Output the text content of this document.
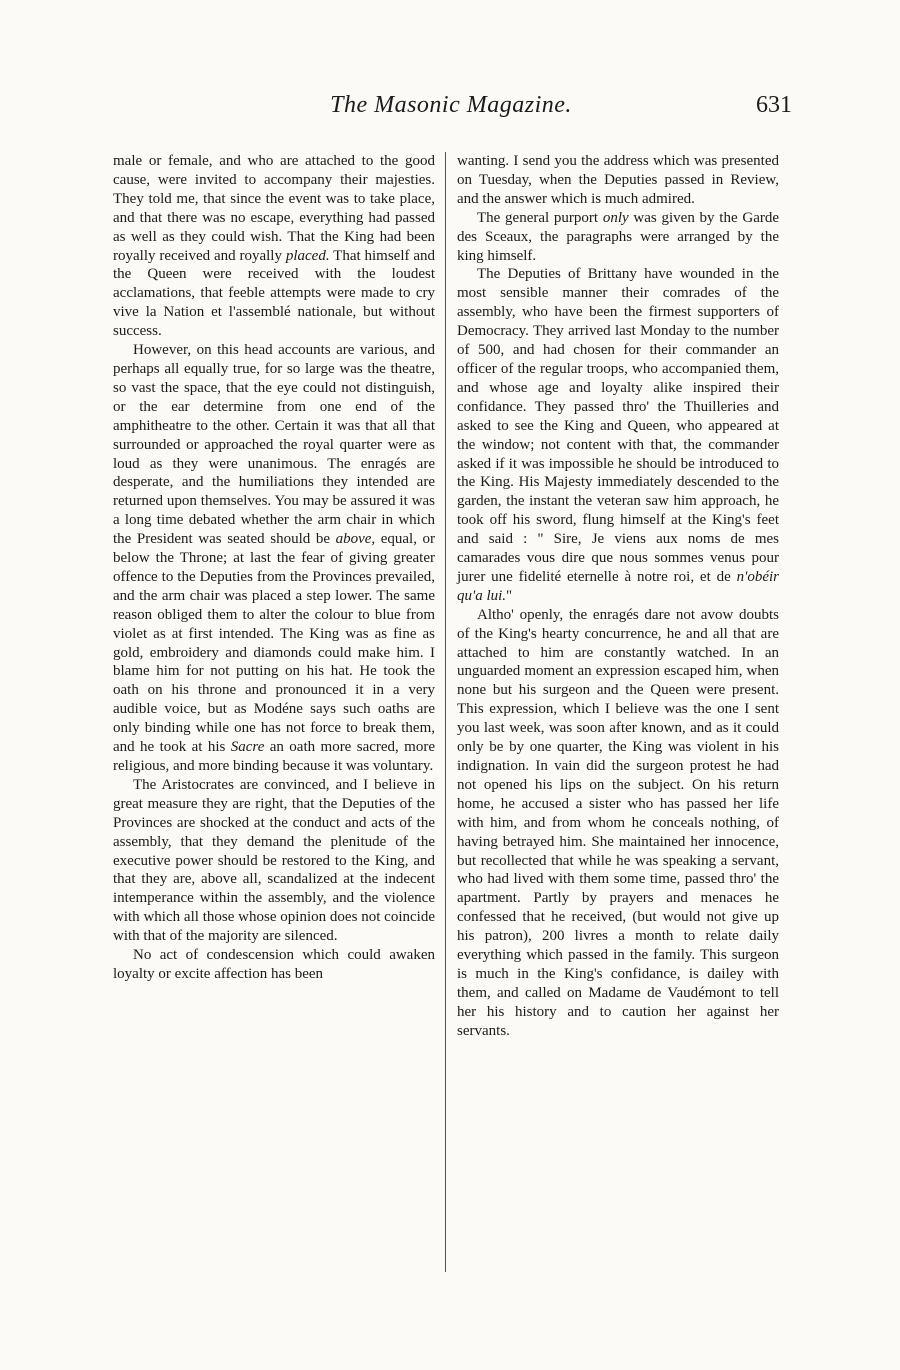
The Masonic Magazine.	631

male or female, and who are attached to the good cause, were invited to accompany their majesties. They told me, that since the event was to take place, and that there was no escape, everything had passed as well as they could wish. That the King had been royally received and royally placed. That himself and the Queen were received with the loudest acclamations, that feeble attempts were made to cry vive la Nation et l'assemblé nationale, but without success.

However, on this head accounts are various, and perhaps all equally true, for so large was the theatre, so vast the space, that the eye could not distinguish, or the ear determine from one end of the amphitheatre to the other. Certain it was that all that surrounded or approached the royal quarter were as loud as they were unanimous. The enragés are desperate, and the humiliations they intended are returned upon themselves. You may be assured it was a long time debated whether the arm chair in which the President was seated should be above, equal, or below the Throne; at last the fear of giving greater offence to the Deputies from the Provinces prevailed, and the arm chair was placed a step lower. The same reason obliged them to alter the colour to blue from violet as at first intended. The King was as fine as gold, embroidery and diamonds could make him. I blame him for not putting on his hat. He took the oath on his throne and pronounced it in a very audible voice, but as Modéne says such oaths are only binding while one has not force to break them, and he took at his Sacre an oath more sacred, more religious, and more binding because it was voluntary.

The Aristocrates are convinced, and I believe in great measure they are right, that the Deputies of the Provinces are shocked at the conduct and acts of the assembly, that they demand the plenitude of the executive power should be restored to the King, and that they are, above all, scandalized at the indecent intemperance within the assembly, and the violence with which all those whose opinion does not coincide with that of the majority are silenced.

No act of condescension which could awaken loyalty or excite affection has been

wanting. I send you the address which was presented on Tuesday, when the Deputies passed in Review, and the answer which is much admired.

The general purport only was given by the Garde des Sceaux, the paragraphs were arranged by the king himself.

The Deputies of Brittany have wounded in the most sensible manner their comrades of the assembly, who have been the firmest supporters of Democracy. They arrived last Monday to the number of 500, and had chosen for their commander an officer of the regular troops, who accompanied them, and whose age and loyalty alike inspired their confidance. They passed thro' the Thuilleries and asked to see the King and Queen, who appeared at the window; not content with that, the commander asked if it was impossible he should be introduced to the King. His Majesty immediately descended to the garden, the instant the veteran saw him approach, he took off his sword, flung himself at the King's feet and said : " Sire, Je viens aux noms de mes camarades vous dire que nous sommes venus pour jurer une fidelité eternelle à notre roi, et de n'obéir qu'a lui."

Altho' openly, the enragés dare not avow doubts of the King's hearty concurrence, he and all that are attached to him are constantly watched. In an unguarded moment an expression escaped him, when none but his surgeon and the Queen were present. This expression, which I believe was the one I sent you last week, was soon after known, and as it could only be by one quarter, the King was violent in his indignation. In vain did the surgeon protest he had not opened his lips on the subject. On his return home, he accused a sister who has passed her life with him, and from whom he conceals nothing, of having betrayed him. She maintained her innocence, but recollected that while he was speaking a servant, who had lived with them some time, passed thro' the apartment. Partly by prayers and menaces he confessed that he received, (but would not give up his patron), 200 livres a month to relate daily everything which passed in the family. This surgeon is much in the King's confidance, is dailey with them, and called on Madame de Vaudémont to tell her his history and to caution her against her servants.
